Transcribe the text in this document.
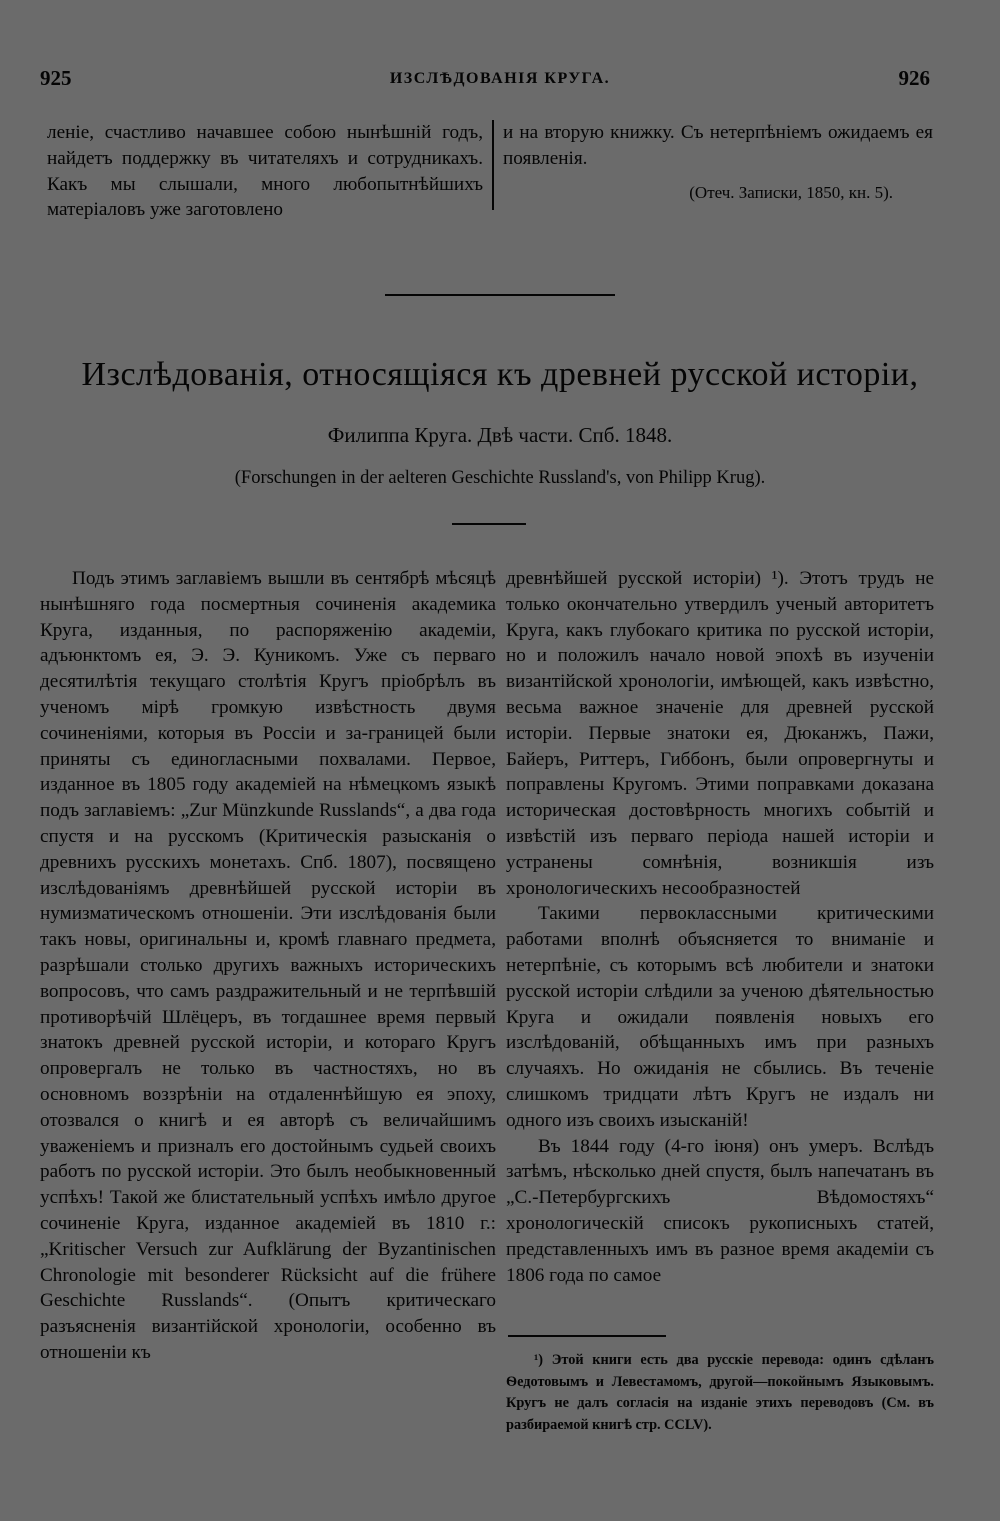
925	ИЗСЛѢДОВАНІЯ КРУГА.	926

леніе, счастливо начавшее собою нынѣшній годъ, найдетъ поддержку въ читателяхъ и сотрудникахъ. Какъ мы слышали, много любопытнѣйшихъ матеріаловъ уже заготовлено

и на вторую книжку. Съ нетерпѣніемъ ожидаемъ ея появленія.

(Отеч. Записки, 1850, кн. 5).

Изслѣдованія, относящіяся къ древней русской исторіи,
Филиппа Круга. Двѣ части. Спб. 1848.
(Forschungen in der aelteren Geschichte Russland's, von Philipp Krug).

Подъ этимъ заглавіемъ вышли въ сентябрѣ мѣсяцѣ нынѣшняго года посмертныя сочиненія академика Круга, изданныя, по распоряженію академіи, адъюнктомъ ея, Э. Э. Куникомъ. Уже съ перваго десятилѣтія текущаго столѣтія Кругъ пріобрѣлъ въ ученомъ мірѣ громкую извѣстность двумя сочиненіями, которыя въ Россіи и за-границей были приняты съ единогласными похвалами. Первое, изданное въ 1805 году академіей на нѣмецкомъ языкѣ подъ заглавіемъ: „Zur Münzkunde Russlands“, а два года спустя и на русскомъ (Критическія разысканія о древнихъ русскихъ монетахъ. Спб. 1807), посвящено изслѣдованіямъ древнѣйшей русской исторіи въ нумизматическомъ отношеніи. Эти изслѣдованія были такъ новы, оригинальны и, кромѣ главнаго предмета, разрѣшали столько другихъ важныхъ историческихъ вопросовъ, что самъ раздражительный и не терпѣвшій противорѣчій Шлёцеръ, въ тогдашнее время первый знатокъ древней русской исторіи, и котораго Кругъ опровергалъ не только въ частностяхъ, но въ основномъ воззрѣніи на отдаленнѣйшую ея эпоху, отозвался о книгѣ и ея авторѣ съ величайшимъ уваженіемъ и призналъ его достойнымъ судьей своихъ работъ по русской исторіи. Это былъ необыкновенный успѣхъ! Такой же блистательный успѣхъ имѣло другое сочиненіе Круга, изданное академіей въ 1810 г.: „Kritischer Versuch zur Aufklärung der Byzantinischen Chronologie mit besonderer Rücksicht auf die frühere Geschichte Russlands“. (Опытъ критическаго разъясненія византійской хронологіи, особенно въ отношеніи къ

древнѣйшей русской исторіи) ¹). Этотъ трудъ не только окончательно утвердилъ ученый авторитетъ Круга, какъ глубокаго критика по русской исторіи, но и положилъ начало новой эпохѣ въ изученіи византійской хронологіи, имѣющей, какъ извѣстно, весьма важное значеніе для древней русской исторіи. Первые знатоки ея, Дюканжъ, Пажи, Байеръ, Риттеръ, Гиббонъ, были опровергнуты и поправлены Кругомъ. Этими поправками доказана историческая достовѣрность многихъ событій и извѣстій изъ перваго періода нашей исторіи и устранены сомнѣнія, возникшія изъ хронологическихъ несообразностей

Такими первоклассными критическими работами вполнѣ объясняется то вниманіе и нетерпѣніе, съ которымъ всѣ любители и знатоки русской исторіи слѣдили за ученою дѣятельностью Круга и ожидали появленія новыхъ его изслѣдованій, обѣщанныхъ имъ при разныхъ случаяхъ. Но ожиданія не сбылись. Въ теченіе слишкомъ тридцати лѣтъ Кругъ не издалъ ни одного изъ своихъ изысканій!

Въ 1844 году (4-го іюня) онъ умеръ. Вслѣдъ затѣмъ, нѣсколько дней спустя, былъ напечатанъ въ „С.-Петербургскихъ Вѣдомостяхъ“ хронологическій списокъ рукописныхъ статей, представленныхъ имъ въ разное время академіи съ 1806 года по самое

¹) Этой книги есть два русскіе перевода: одинъ сдѣланъ Ѳедотовымъ и Левестамомъ, другой—покойнымъ Языковымъ. Кругъ не далъ согласія на изданіе этихъ переводовъ (См. въ разбираемой книгѣ стр. CCLV).
